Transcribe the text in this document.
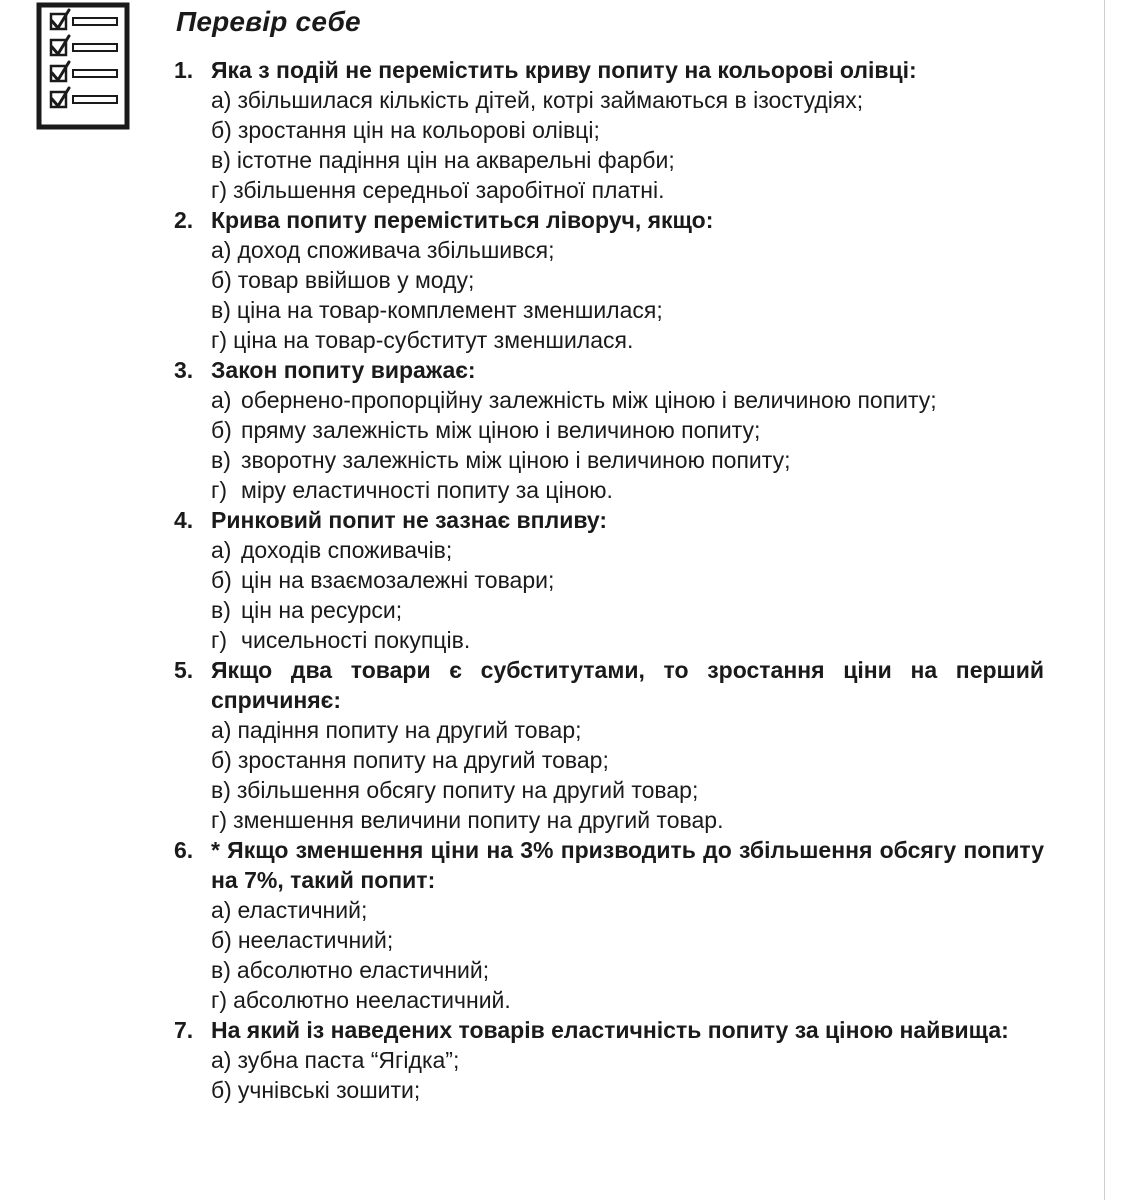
Перевір себе
1. Яка з подій не перемістить криву попиту на кольорові олівці:
а) збільшилася кількість дітей, котрі займаються в ізостудіях;
б) зростання цін на кольорові олівці;
в) істотне падіння цін на акварельні фарби;
г) збільшення середньої заробітної платні.
2. Крива попиту переміститься ліворуч, якщо:
а) доход споживача збільшився;
б) товар ввійшов у моду;
в) ціна на товар-комплемент зменшилася;
г) ціна на товар-субститут зменшилася.
3. Закон попиту виражає:
а) обернено-пропорційну залежність між ціною і величиною попиту;
б) пряму залежність між ціною і величиною попиту;
в) зворотну залежність між ціною і величиною попиту;
г) міру еластичності попиту за ціною.
4. Ринковий попит не зазнає впливу:
а) доходів споживачів;
б) цін на взаємозалежні товари;
в) цін на ресурси;
г) чисельності покупців.
5. Якщо два товари є субститутами, то зростання ціни на перший спричиняє:
а) падіння попиту на другий товар;
б) зростання попиту на другий товар;
в) збільшення обсягу попиту на другий товар;
г) зменшення величини попиту на другий товар.
6. * Якщо зменшення ціни на 3% призводить до збільшення обсягу попиту на 7%, такий попит:
а) еластичний;
б) нееластичний;
в) абсолютно еластичний;
г) абсолютно нееластичний.
7. На який із наведених товарів еластичність попиту за ціною найвища:
а) зубна паста “Ягідка”;
б) учнівські зошити;
